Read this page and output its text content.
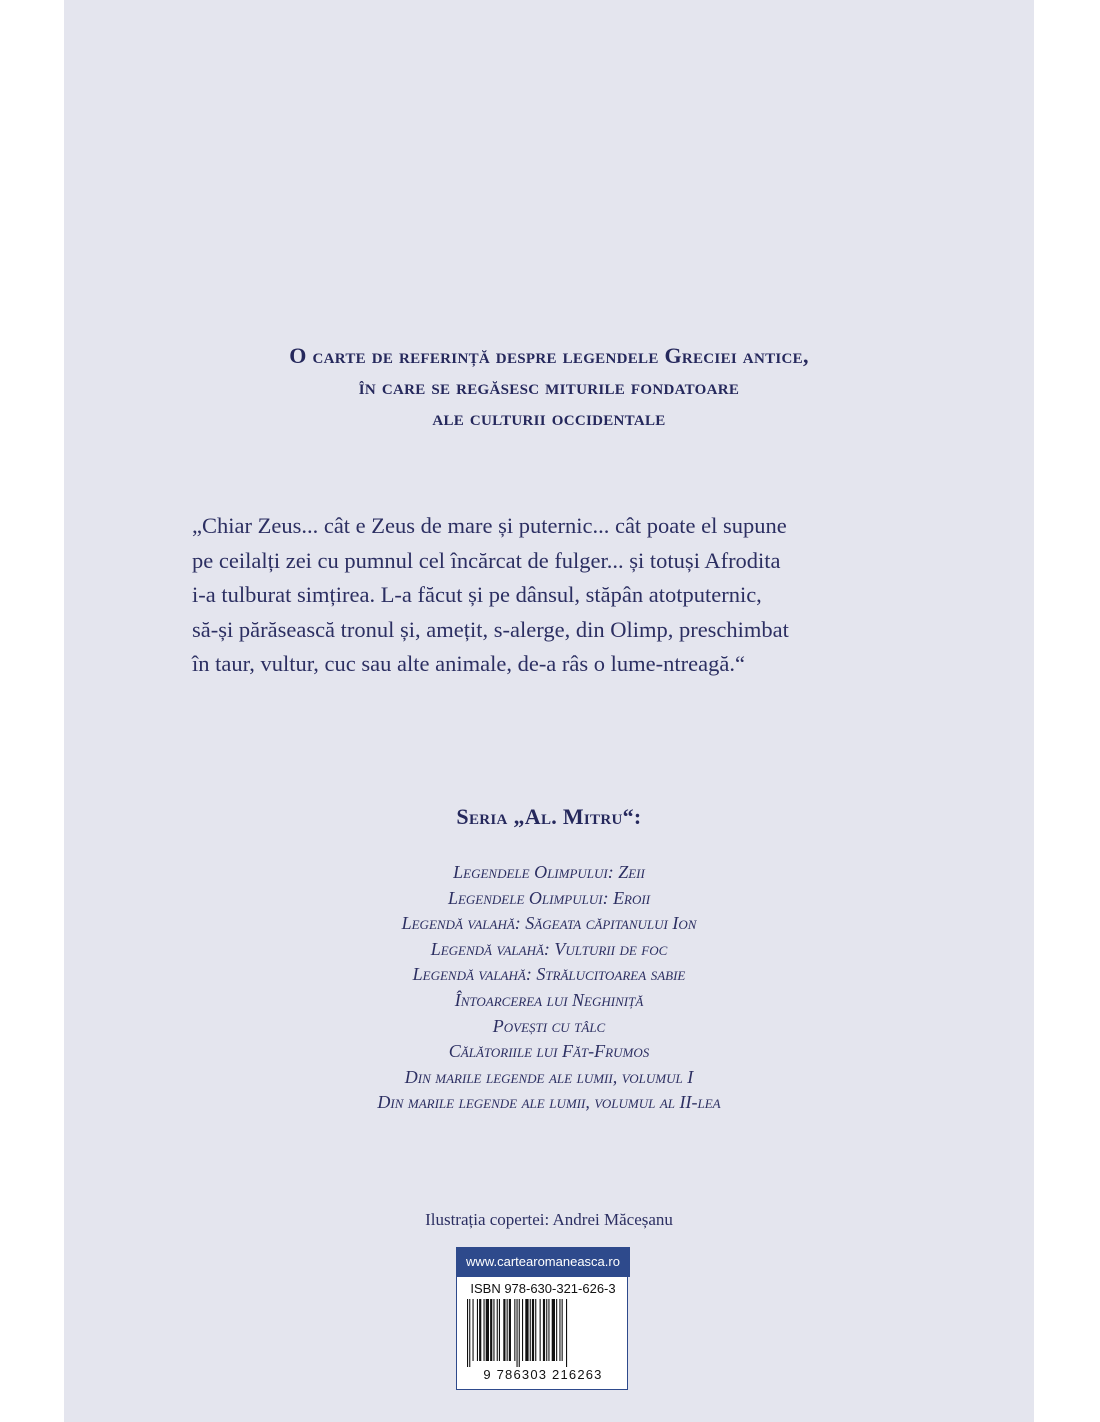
O carte de referință despre legendele Greciei antice,
în care se regăsesc miturile fondatoare
ale culturii occidentale
„Chiar Zeus... cât e Zeus de mare și puternic... cât poate el supune
pe ceilalți zei cu pumnul cel încărcat de fulger... și totuși Afrodita
i-a tulburat simțirea. L-a făcut și pe dânsul, stăpân atotputernic,
să-și părăsească tronul și, amețit, s-alerge, din Olimp, preschimbat
în taur, vultur, cuc sau alte animale, de-a râs o lume-ntreagă.“
Seria „Al. Mitru“:
Legendele Olimpului: Zeii
Legendele Olimpului: Eroii
Legendă valahă: Săgeata căpitanului Ion
Legendă valahă: Vulturii de foc
Legendă valahă: Strălucitoarea sabie
Întoarcerea lui Neghiniță
Povești cu tâlc
Călătoriile lui Făt-Frumos
Din marile legende ale lumii, volumul I
Din marile legende ale lumii, volumul al II-lea
Ilustrația copertei: Andrei Măceșanu
www.cartearomaneasca.ro
ISBN 978-630-321-626-3
9 786303 216263
